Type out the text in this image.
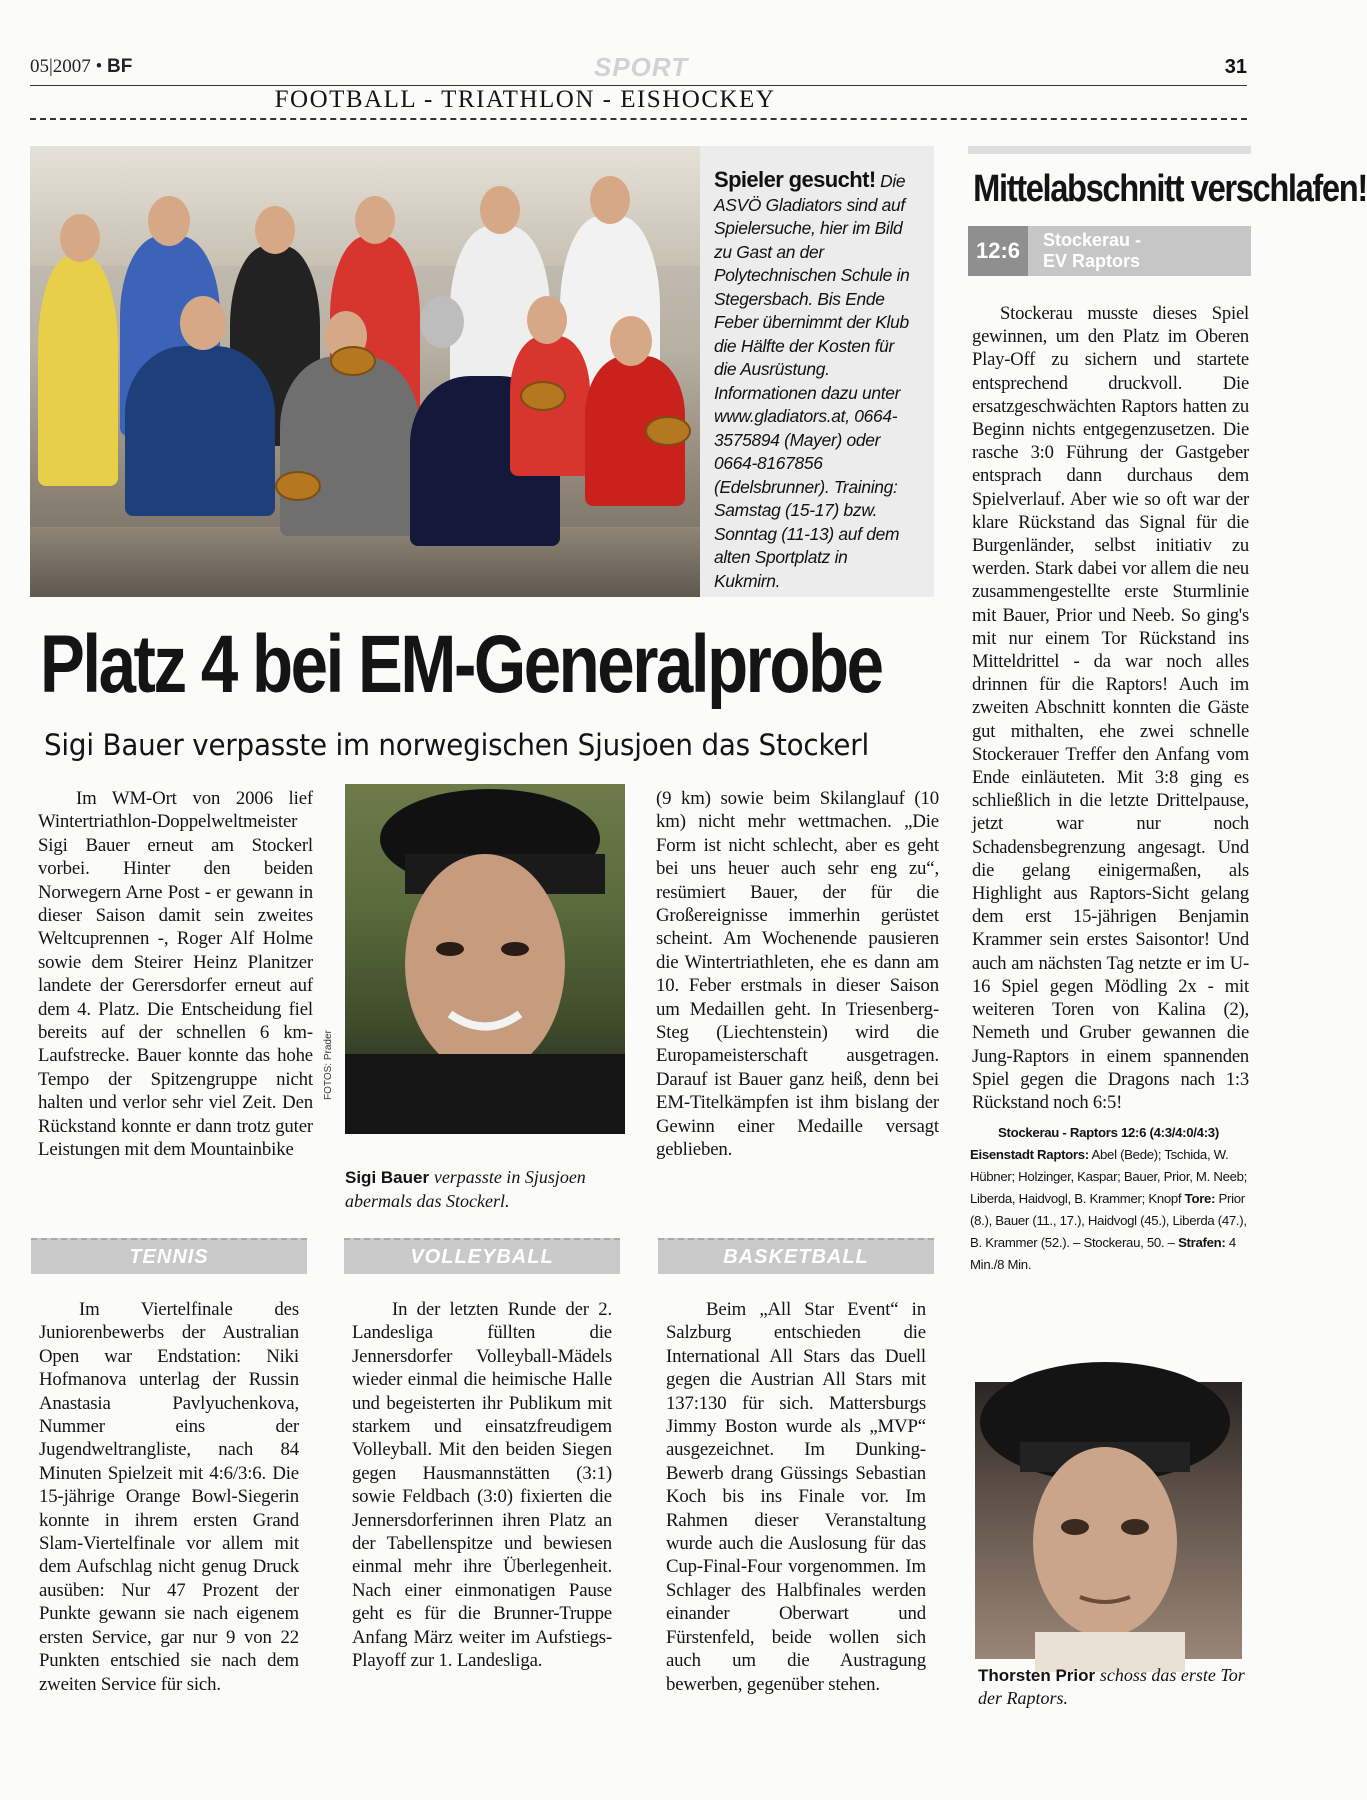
05|2007 • BF	SPORT	31
FOOTBALL - TRIATHLON - EISHOCKEY
Spieler gesucht! Die ASVÖ Gladiators sind auf Spielersuche, hier im Bild zu Gast an der Polytechnischen Schule in Stegersbach. Bis Ende Feber übernimmt der Klub die Hälfte der Kosten für die Ausrüstung. Informationen dazu unter www.gladiators.at, 0664-3575894 (Mayer) oder 0664-8167856 (Edelsbrunner). Training: Samstag (15-17) bzw. Sonntag (11-13) auf dem alten Sportplatz in Kukmirn.
Mittelabschnitt verschlafen!
12:6	Stockerau -
EV Raptors

Stockerau musste dieses Spiel gewinnen, um den Platz im Oberen Play-Off zu sichern und startete entsprechend druckvoll. Die ersatzgeschwächten Raptors hatten zu Beginn nichts entgegenzusetzen. Die rasche 3:0 Führung der Gastgeber entsprach dann durchaus dem Spielverlauf. Aber wie so oft war der klare Rückstand das Signal für die Burgenländer, selbst initiativ zu werden. Stark dabei vor allem die neu zusammengestellte erste Sturmlinie mit Bauer, Prior und Neeb. So ging's mit nur einem Tor Rückstand ins Mitteldrittel - da war noch alles drinnen für die Raptors! Auch im zweiten Abschnitt konnten die Gäste gut mithalten, ehe zwei schnelle Stockerauer Treffer den Anfang vom Ende einläuteten. Mit 3:8 ging es schließlich in die letzte Drittelpause, jetzt war nur noch Schadensbegrenzung angesagt. Und die gelang einigermaßen, als Highlight aus Raptors-Sicht gelang dem erst 15-jährigen Benjamin Krammer sein erstes Saisontor! Und auch am nächsten Tag netzte er im U-16 Spiel gegen Mödling 2x - mit weiteren Toren von Kalina (2), Nemeth und Gruber gewannen die Jung-Raptors in einem spannenden Spiel gegen die Dragons nach 1:3 Rückstand noch 6:5!

Stockerau - Raptors 12:6 (4:3/4:0/4:3)
Eisenstadt Raptors: Abel (Bede); Tschida, W. Hübner; Holzinger, Kaspar; Bauer, Prior, M. Neeb; Liberda, Haidvogl, B. Krammer; Knopf Tore: Prior (8.), Bauer (11., 17.), Haidvogl (45.), Liberda (47.), B. Krammer (52.). – Stockerau, 50. – Strafen: 4 Min./8 Min.

Thorsten Prior schoss das erste Tor der Raptors.
Platz 4 bei EM-Generalprobe
Sigi Bauer verpasste im norwegischen Sjusjoen das Stockerl

Im WM-Ort von 2006 lief Wintertriathlon-Doppelweltmeister Sigi Bauer erneut am Stockerl vorbei. Hinter den beiden Norwegern Arne Post - er gewann in dieser Saison damit sein zweites Weltcuprennen -, Roger Alf Holme sowie dem Steirer Heinz Planitzer landete der Gerersdorfer erneut auf dem 4. Platz. Die Entscheidung fiel bereits auf der schnellen 6 km-Laufstrecke. Bauer konnte das hohe Tempo der Spitzengruppe nicht halten und verlor sehr viel Zeit. Den Rückstand konnte er dann trotz guter Leistungen mit dem Mountainbike

FOTOS: Prader
Sigi Bauer verpasste in Sjusjoen abermals das Stockerl.

(9 km) sowie beim Skilanglauf (10 km) nicht mehr wettmachen. „Die Form ist nicht schlecht, aber es geht bei uns heuer auch sehr eng zu“, resümiert Bauer, der für die Großereignisse immerhin gerüstet scheint. Am Wochenende pausieren die Wintertriathleten, ehe es dann am 10. Feber erstmals in dieser Saison um Medaillen geht. In Triesenberg-Steg (Liechtenstein) wird die Europameisterschaft ausgetragen. Darauf ist Bauer ganz heiß, denn bei EM-Titelkämpfen ist ihm bislang der Gewinn einer Medaille versagt geblieben.

TENNIS

Im Viertelfinale des Juniorenbewerbs der Australian Open war Endstation: Niki Hofmanova unterlag der Russin Anastasia Pavlyuchenkova, Nummer eins der Jugendweltrangliste, nach 84 Minuten Spielzeit mit 4:6/3:6. Die 15-jährige Orange Bowl-Siegerin konnte in ihrem ersten Grand Slam-Viertelfinale vor allem mit dem Aufschlag nicht genug Druck ausüben: Nur 47 Prozent der Punkte gewann sie nach eigenem ersten Service, gar nur 9 von 22 Punkten entschied sie nach dem zweiten Service für sich.

VOLLEYBALL

In der letzten Runde der 2. Landesliga füllten die Jennersdorfer Volleyball-Mädels wieder einmal die heimische Halle und begeisterten ihr Publikum mit starkem und einsatzfreudigem Volleyball. Mit den beiden Siegen gegen Hausmannstätten (3:1) sowie Feldbach (3:0) fixierten die Jennersdorferinnen ihren Platz an der Tabellenspitze und bewiesen einmal mehr ihre Überlegenheit. Nach einer einmonatigen Pause geht es für die Brunner-Truppe Anfang März weiter im Aufstiegs-Playoff zur 1. Landesliga.

BASKETBALL

Beim „All Star Event“ in Salzburg entschieden die International All Stars das Duell gegen die Austrian All Stars mit 137:130 für sich. Mattersburgs Jimmy Boston wurde als „MVP“ ausgezeichnet. Im Dunking-Bewerb drang Güssings Sebastian Koch bis ins Finale vor. Im Rahmen dieser Veranstaltung wurde auch die Auslosung für das Cup-Final-Four vorgenommen. Im Schlager des Halbfinales werden einander Oberwart und Fürstenfeld, beide wollen sich auch um die Austragung bewerben, gegenüber stehen.
